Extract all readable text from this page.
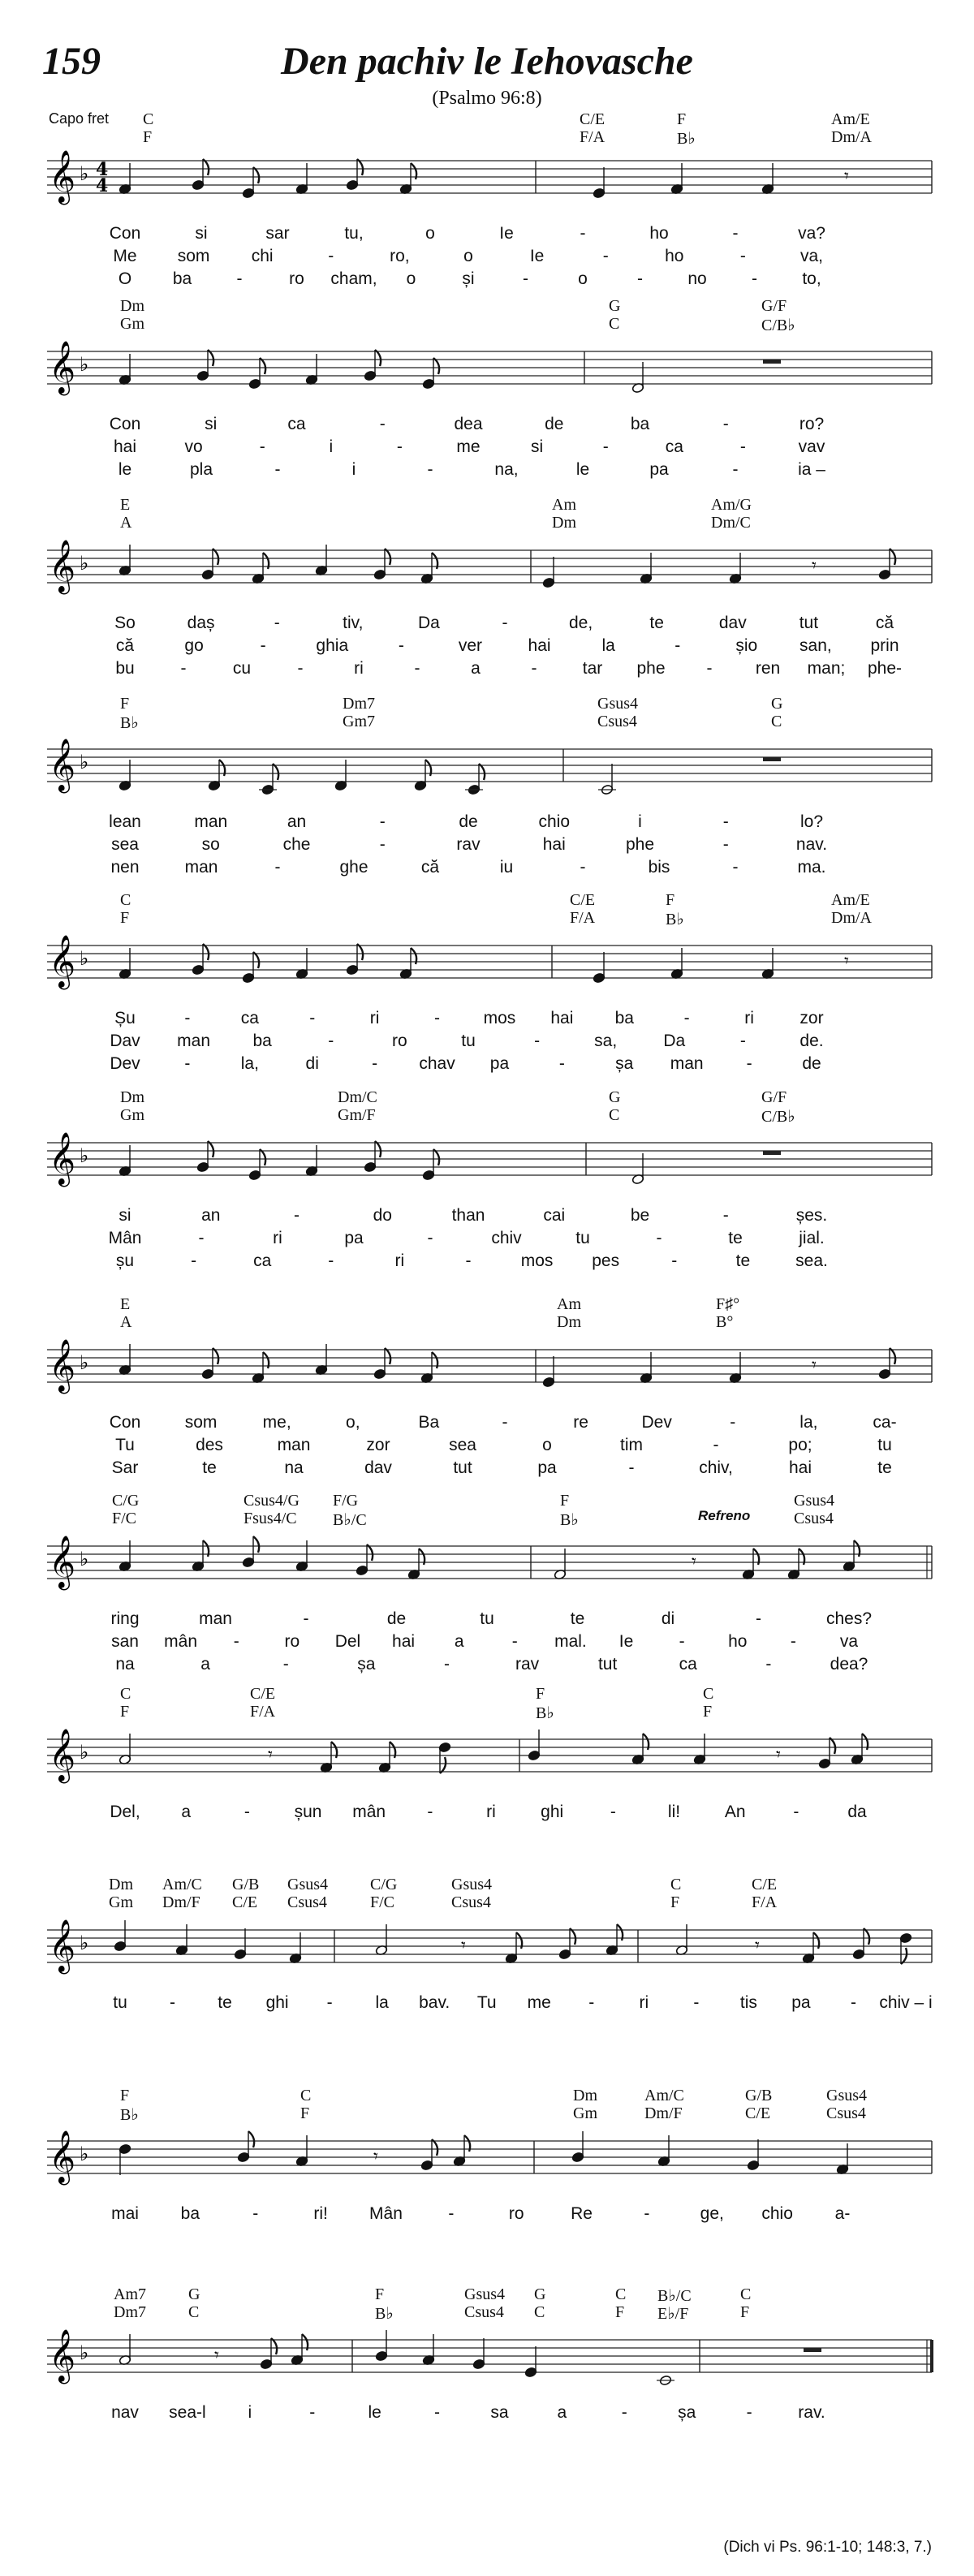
159	Den pachiv le Iehovasche
(Psalmo 96:8)
Capo fret C
F
C/E
F/A
F
B♭
Am/E
Dm/A
𝄞 ♭ 4
4	𝄾
Con	si	sar	tu,	o	Ie	-	ho	-	va?
Me som chi	-	ro,	o	Ie	-	ho	-	va,
O ba	-	ro cham, o	și	-	o	-	no	-	to,
Dm
Gm
G
C
G/F
C/B♭
𝄞 ♭
Con	si	ca	-	dea	de	ba	-	ro?
hai	vo	-	i	-	me	si	-	ca	-	vav
le	pla	-	i	-	na,	le	pa	-	ia –
E
A
Am
Dm
Am/G
Dm/C
𝄞 ♭	𝄾
So	daș	-	tiv,	Da	-	de,	te	dav	tut	că
că	go	-	ghia	-	ver	hai	la	-	șio san, prin
bu	-	cu	-	ri	-	a	-	tar phe -	ren man; phe-
F
B♭
Dm7
Gm7
Gsus4
Csus4
G
C
𝄞 ♭
lean	man	an	-	de	chio	i	-	lo?
sea	so	che	-	rav	hai	phe	-	nav.
nen	man	-	ghe	că	iu	-	bis	-	ma.
C
F
C/E
F/A
F
B♭
Am/E
Dm/A
𝄞 ♭	𝄾
Șu	-	ca	-	ri	-	mos hai ba	-	ri	zor
Dav man ba	-	ro	tu	-	sa,	Da	-	de.
Dev	-	la,	di	- chav pa	-	șa man	-	de
Dm
Gm
Dm/C
Gm/F
G
C
G/F
C/B♭
𝄞 ♭
si	an	-	do	than	cai	be	-	șes.
Mân	-	ri	pa	-	chiv	tu	-	te	jial.
șu	-	ca	-	ri	-	mos pes	-	te	sea.
E
A
Am
Dm
F♯°
B°
𝄞 ♭	𝄾
Con	som	me,	o,	Ba	-	re	Dev	-	la,	ca-
Tu	des	man	zor	sea	o	tim	-	po;	tu
Sar	te	na	dav	tut	pa	-	chiv,	hai	te
C/G
F/C
Csus4/G
Fsus4/C
F/G
B♭/C
F
B♭
Gsus4
Csus4
Refreno
𝄞 ♭	𝄾
ring	man	-	de	tu	te	di	-	ches?
san mân -	ro Del hai a	- mal. Ie	-	ho	-	va
na	a	-	șa	-	rav	tut	ca	-	dea?
C
F
C/E
F/A
F
B♭
C
F
𝄞 ♭	𝄾	𝄾
Del, a	-	șun mân -	ri	ghi	-	li!	An	-	da
Dm
Gm
Am/C
Dm/F
G/B
C/E
Gsus4
Csus4
C/G
F/C
Gsus4
Csus4
C
F
C/E
F/A
𝄞 ♭	𝄾	𝄾
tu - te ghi -	la bav. Tu me -	ri	- tis pa - chiv – i
F
B♭
C
F
Dm
Gm
Am/C
Dm/F
G/B
C/E
Gsus4
Csus4
𝄞 ♭	𝄾
mai ba	-	ri! Mân	-	ro	Re	-	ge, chio a-
Am7
Dm7
G
C
F
B♭
Gsus4
Csus4
G
C
C
F
B♭/C
E♭/F
C
F
𝄞 ♭	𝄾
nav sea-l i	-	le	-	sa	a	-	șa	-	rav.
(Dich vi Ps. 96:1-10; 148:3, 7.)
